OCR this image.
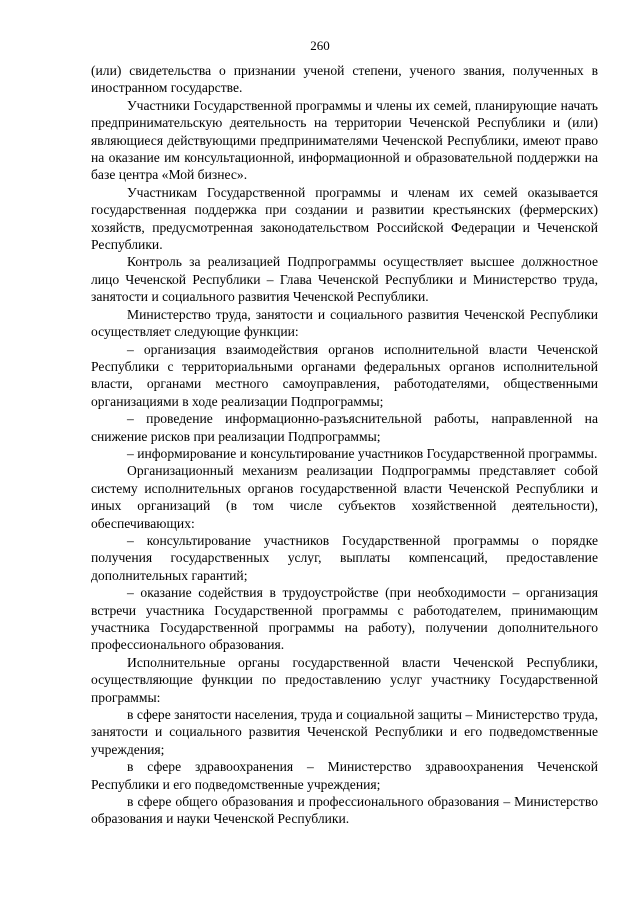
260

(или) свидетельства о признании ученой степени, ученого звания, полученных в иностранном государстве.

Участники Государственной программы и члены их семей, планирующие начать предпринимательскую деятельность на территории Чеченской Республики и (или) являющиеся действующими предпринимателями Чеченской Республики, имеют право на оказание им консультационной, информационной и образовательной поддержки на базе центра «Мой бизнес».

Участникам Государственной программы и членам их семей оказывается государственная поддержка при создании и развитии крестьянских (фермерских) хозяйств, предусмотренная законодательством Российской Федерации и Чеченской Республики.

Контроль за реализацией Подпрограммы осуществляет высшее должностное лицо Чеченской Республики – Глава Чеченской Республики и Министерство труда, занятости и социального развития Чеченской Республики.

Министерство труда, занятости и социального развития Чеченской Республики осуществляет следующие функции:

– организация взаимодействия органов исполнительной власти Чеченской Республики с территориальными органами федеральных органов исполнительной власти, органами местного самоуправления, работодателями, общественными организациями в ходе реализации Подпрограммы;

– проведение информационно-разъяснительной работы, направленной на снижение рисков при реализации Подпрограммы;

– информирование и консультирование участников Государственной программы.

Организационный механизм реализации Подпрограммы представляет собой систему исполнительных органов государственной власти Чеченской Республики и иных организаций (в том числе субъектов хозяйственной деятельности), обеспечивающих:

– консультирование участников Государственной программы о порядке получения государственных услуг, выплаты компенсаций, предоставление дополнительных гарантий;

– оказание содействия в трудоустройстве (при необходимости – организация встречи участника Государственной программы с работодателем, принимающим участника Государственной программы на работу), получении дополнительного профессионального образования.

Исполнительные органы государственной власти Чеченской Республики, осуществляющие функции по предоставлению услуг участнику Государственной программы:

в сфере занятости населения, труда и социальной защиты – Министерство труда, занятости и социального развития Чеченской Республики и его подведомственные учреждения;

в сфере здравоохранения – Министерство здравоохранения Чеченской Республики и его подведомственные учреждения;

в сфере общего образования и профессионального образования – Министерство образования и науки Чеченской Республики.
